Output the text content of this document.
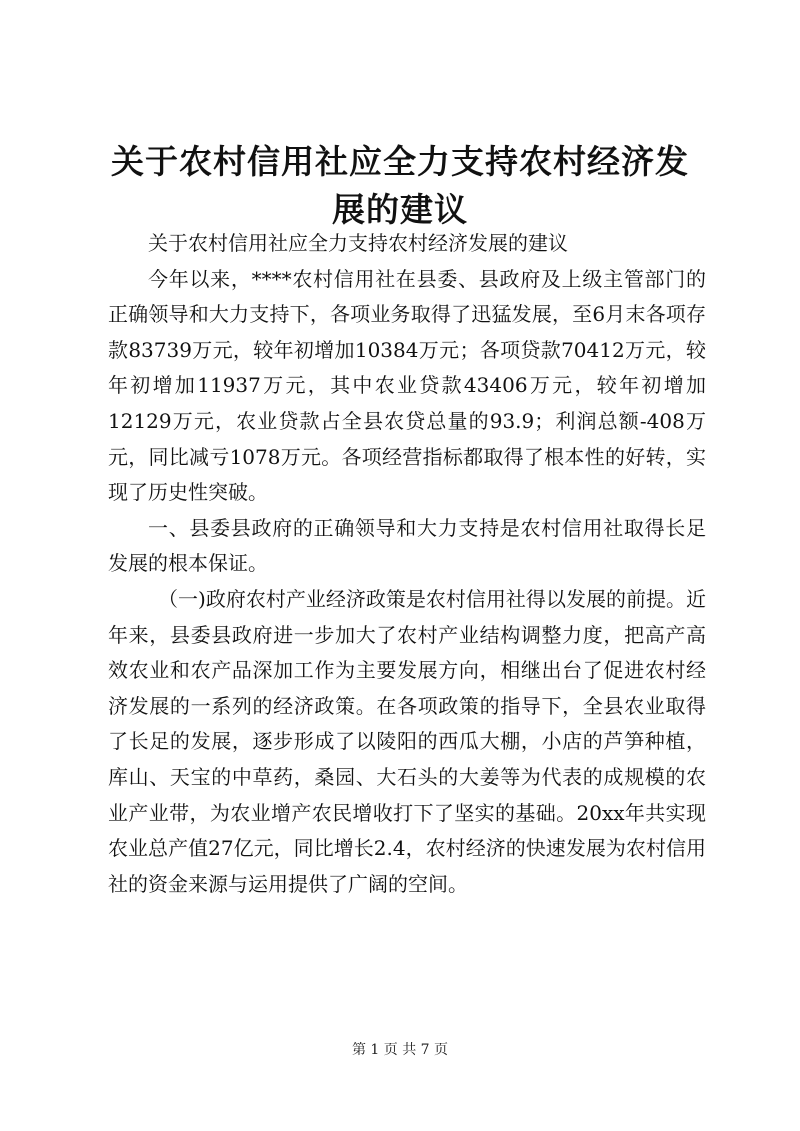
关于农村信用社应全力支持农村经济发展的建议

关于农村信用社应全力支持农村经济发展的建议

今年以来，****农村信用社在县委、县政府及上级主管部门的正确领导和大力支持下，各项业务取得了迅猛发展，至6月末各项存款83739万元，较年初增加10384万元；各项贷款70412万元，较年初增加11937万元，其中农业贷款43406万元，较年初增加12129万元，农业贷款占全县农贷总量的93.9；利润总额-408万元，同比减亏1078万元。各项经营指标都取得了根本性的好转，实现了历史性突破。

一、县委县政府的正确领导和大力支持是农村信用社取得长足发展的根本保证。

（一)政府农村产业经济政策是农村信用社得以发展的前提。近年来，县委县政府进一步加大了农村产业结构调整力度，把高产高效农业和农产品深加工作为主要发展方向，相继出台了促进农村经济发展的一系列的经济政策。在各项政策的指导下，全县农业取得了长足的发展，逐步形成了以陵阳的西瓜大棚，小店的芦笋种植，库山、天宝的中草药，桑园、大石头的大姜等为代表的成规模的农业产业带，为农业增产农民增收打下了坚实的基础。20xx年共实现农业总产值27亿元，同比增长2.4，农村经济的快速发展为农村信用社的资金来源与运用提供了广阔的空间。

第 1 页 共 7 页
